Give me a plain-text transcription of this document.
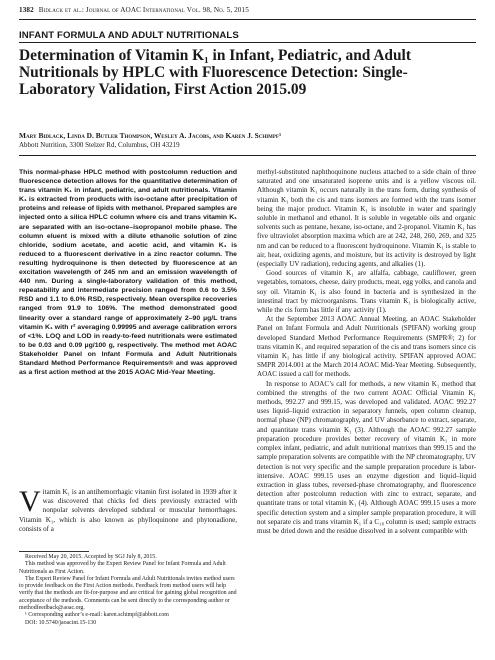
1382 Bidlack et al.: Journal of AOAC International Vol. 98, No. 5, 2015
INFANT FORMULA AND ADULT NUTRITIONALS
Determination of Vitamin K₁ in Infant, Pediatric, and Adult Nutritionals by HPLC with Fluorescence Detection: Single-Laboratory Validation, First Action 2015.09
Mary Bidlack, Linda D. Butler Thompson, Wesley A. Jacobs, and Karen J. Schimpf¹
Abbott Nutrition, 3300 Stelzer Rd, Columbus, OH 43219
This normal-phase HPLC method with postcolumn reduction and fluorescence detection allows for the quantitative determination of trans vitamin K₁ in infant, pediatric, and adult nutritionals. Vitamin K₁ is extracted from products with iso-octane after precipitation of proteins and release of lipids with methanol. Prepared samples are injected onto a silica HPLC column where cis and trans vitamin K₁ are separated with an iso-octane–isopropanol mobile phase. The column eluent is mixed with a dilute ethanolic solution of zinc chloride, sodium acetate, and acetic acid, and vitamin K₁ is reduced to a fluorescent derivative in a zinc reactor column. The resulting hydroquinone is then detected by fluorescence at an excitation wavelength of 245 nm and an emission wavelength of 440 nm. During a single-laboratory validation of this method, repeatability and intermediate precision ranged from 0.6 to 3.5% RSD and 1.1 to 6.0% RSD, respectively. Mean overspike recoveries ranged from 91.9 to 106%. The method demonstrated good linearity over a standard range of approximately 2–90 µg/L trans vitamin K₁ with r² averaging 0.99995 and average calibration errors of <1%. LOQ and LOD in ready-to-feed nutritionals were estimated to be 0.03 and 0.09 µg/100 g, respectively. The method met AOAC Stakeholder Panel on Infant Formula and Adult Nutritionals Standard Method Performance Requirements® and was approved as a first action method at the 2015 AOAC Mid-Year Meeting.
Vitamin K₁ is an antihemorrhagic vitamin first isolated in 1939 after it was discovered that chicks fed diets previously extracted with nonpolar solvents developed subdural or muscular hemorrhages. Vitamin K₁, which is also known as phylloquinone and phytonadione, consists of a
Received May 20, 2015. Accepted by SGJ July 8, 2015.
This method was approved by the Expert Review Panel for Infant Formula and Adult Nutritionals as First Action.
The Expert Review Panel for Infant Formula and Adult Nutritionals invites method users to provide feedback on the First Action methods. Feedback from method users will help verify that the methods are fit-for-purpose and are critical for gaining global recognition and acceptance of the methods. Comments can be sent directly to the corresponding author or methodfeedback@aoac.org.
¹ Corresponding author’s e-mail: karen.schimpf@abbott.com
DOI: 10.5740/jaoacint.15-130

methyl-substituted naphthoquinone nucleus attached to a side chain of three saturated and one unsaturated isoprene units and is a yellow viscous oil. Although vitamin K₁ occurs naturally in the trans form, during synthesis of vitamin K₁ both the cis and trans isomers are formed with the trans isomer being the major product. Vitamin K₁ is insoluble in water and sparingly soluble in methanol and ethanol. It is soluble in vegetable oils and organic solvents such as pentane, hexane, iso-octane, and 2-propanol. Vitamin K₁ has five ultraviolet absorption maxima which are at 242, 248, 260, 269, and 325 nm and can be reduced to a fluorescent hydroquinone. Vitamin K₁ is stable to air, heat, oxidizing agents, and moisture, but its activity is destroyed by light (especially UV radiation), reducing agents, and alkalies (1).

Good sources of vitamin K₁ are alfalfa, cabbage, cauliflower, green vegetables, tomatoes, cheese, dairy products, meat, egg yolks, and canola and soy oil. Vitamin K₁ is also found in bacteria and is synthesized in the intestinal tract by microorganisms. Trans vitamin K₁ is biologically active, while the cis form has little if any activity (1).

At the September 2013 AOAC Annual Meeting, an AOAC Stakeholder Panel on Infant Formula and Adult Nutritionals (SPIFAN) working group developed Standard Method Performance Requirements (SMPR®; 2) for trans vitamin K₁ and required separation of the cis and trans isomers since cis vitamin K₁ has little if any biological activity. SPIFAN approved AOAC SMPR 2014.001 at the March 2014 AOAC Mid-Year Meeting. Subsequently, AOAC issued a call for methods.

In response to AOAC’s call for methods, a new vitamin K₁ method that combined the strengths of the two current AOAC Official Vitamin K₁ methods, 992.27 and 999.15, was developed and validated. AOAC 992.27 uses liquid–liquid extraction in separatory funnels, open column cleanup, normal phase (NP) chromatography, and UV absorbance to extract, separate, and quantitate trans vitamin K₁ (3). Although the AOAC 992.27 sample preparation procedure provides better recovery of vitamin K₁ in more complex infant, pediatric, and adult nutritional matrixes than 999.15 and the sample preparation solvents are compatible with the NP chromatography, UV detection is not very specific and the sample preparation procedure is labor-intensive. AOAC 999.15 uses an enzyme digestion and liquid–liquid extraction in glass tubes, reversed-phase chromatography, and fluorescence detection after postcolumn reduction with zinc to extract, separate, and quantitate trans or total vitamin K₁ (4). Although AOAC 999.15 uses a more specific detection system and a simpler sample preparation procedure, it will not separate cis and trans vitamin K₁ if a C₁₈ column is used; sample extracts must be dried down and the residue dissolved in a solvent compatible with
